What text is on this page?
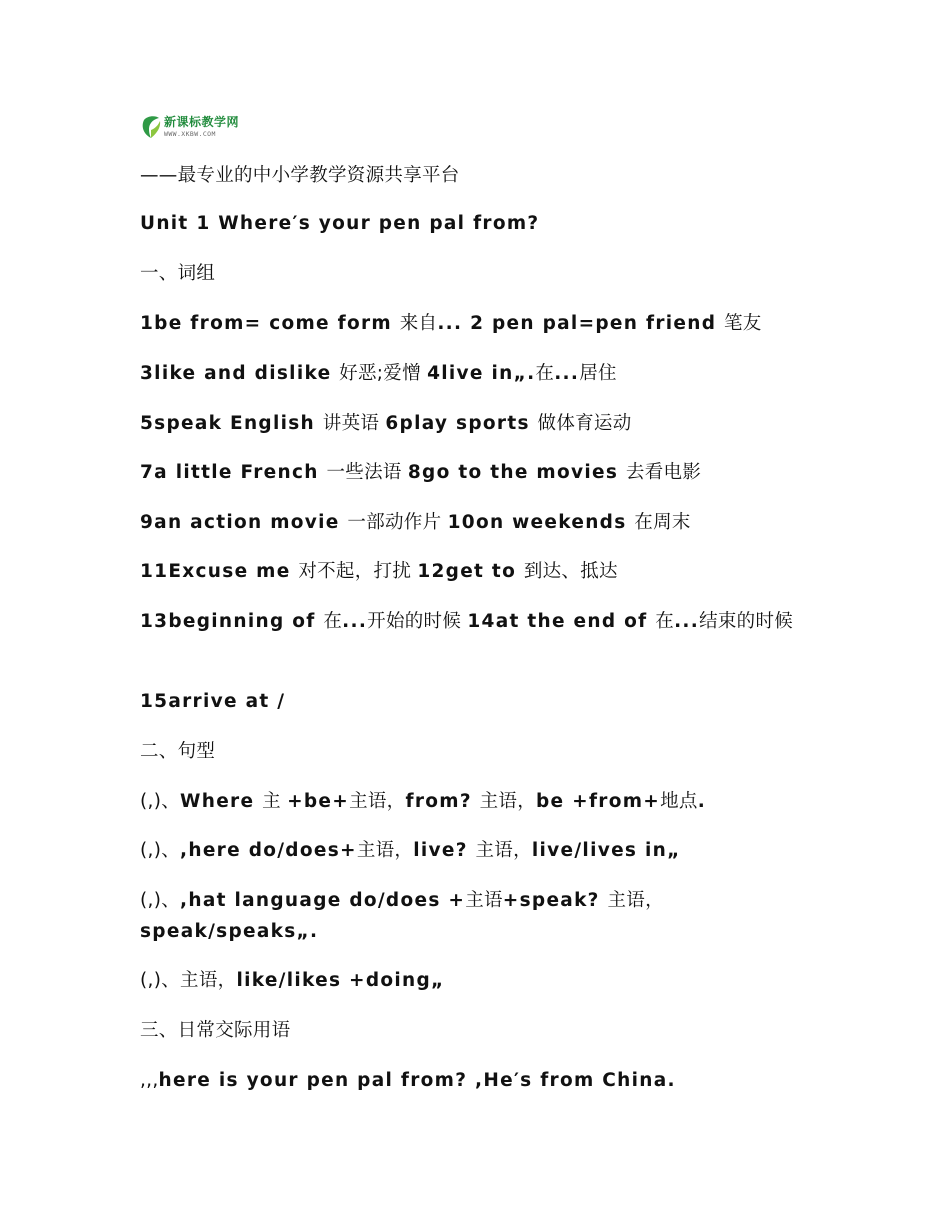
新课标教学网
WWW.XKBW.COM
——最专业的中小学教学资源共享平台
Unit 1 Where′s your pen pal from?
一、词组
1be from= come form 来自... 2 pen pal=pen friend 笔友
3like and dislike 好恶;爱憎 4live in„.在...居住
5speak English 讲英语 6play sports 做体育运动
7a little French 一些法语 8go to the movies 去看电影
9an action movie 一部动作片 10on weekends 在周末
11Excuse me 对不起，打扰 12get to 到达、抵达
13beginning of 在...开始的时候 14at the end of 在...结束的时候
15arrive at /
二、句型
(,)、Where 主 +be+主语，from? 主语，be +from+地点.
(,)、,here do/does+主语，live? 主语，live/lives in„
(,)、,hat language do/does +主语+speak? 主语，speak/speaks„.
(,)、主语，like/likes +doing„
三、日常交际用语
,,,here is your pen pal from? ,He′s from China.
